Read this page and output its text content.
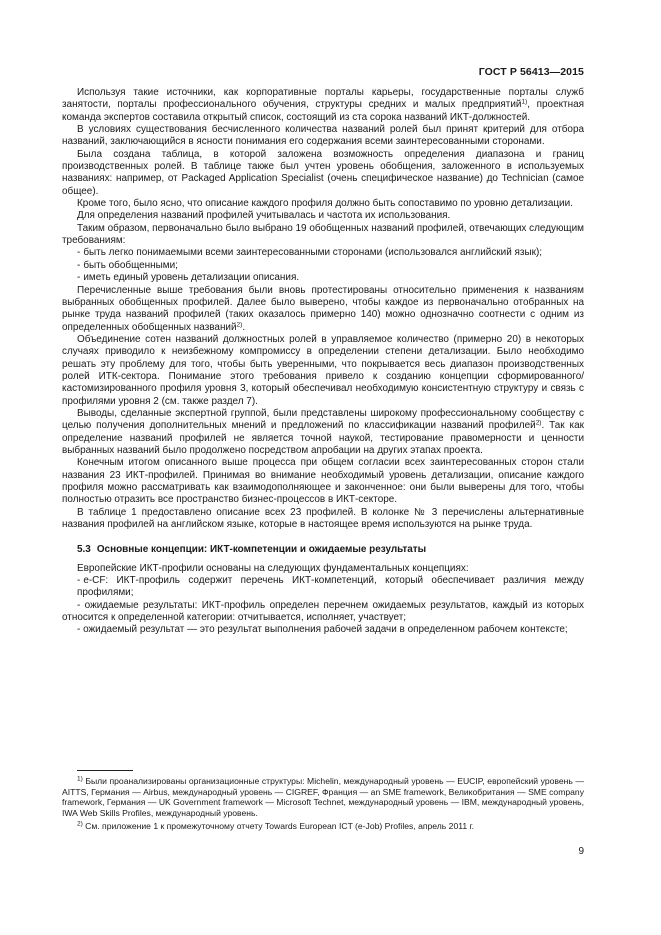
ГОСТ Р 56413—2015

Используя такие источники, как корпоративные порталы карьеры, государственные порталы служб занятости, порталы профессионального обучения, структуры средних и малых предприятий$^{1)}$, проектная команда экспертов составила открытый список, состоящий из ста сорока названий ИКТ-должностей.

В условиях существования бесчисленного количества названий ролей был принят критерий для отбора названий, заключающийся в ясности понимания его содержания всеми заинтересованными сторонами.

Была создана таблица, в которой заложена возможность определения диапазона и границ производственных ролей. В таблице также был учтен уровень обобщения, заложенного в используемых названиях: например, от Packaged Application Specialist (очень специфическое название) до Technician (самое общее).

Кроме того, было ясно, что описание каждого профиля должно быть сопоставимо по уровню детализации.

Для определения названий профилей учитывалась и частота их использования.

Таким образом, первоначально было выбрано 19 обобщенных названий профилей, отвечающих следующим требованиям:

- быть легко понимаемыми всеми заинтересованными сторонами (использовался английский язык);

- быть обобщенными;

- иметь единый уровень детализации описания.

Перечисленные выше требования были вновь протестированы относительно применения к названиям выбранных обобщенных профилей. Далее было выверено, чтобы каждое из первоначально отобранных на рынке труда названий профилей (таких оказалось примерно 140) можно однозначно соотнести с одним из определенных обобщенных названий$^{2)}$.

Объединение сотен названий должностных ролей в управляемое количество (примерно 20) в некоторых случаях приводило к неизбежному компромиссу в определении степени детализации. Было необходимо решать эту проблему для того, чтобы быть уверенными, что покрывается весь диапазон производственных ролей ИТК-сектора. Понимание этого требования привело к созданию концепции сформированного/кастомизированного профиля уровня 3, который обеспечивал необходимую консистентную структуру и связь с профилями уровня 2 (см. также раздел 7).

Выводы, сделанные экспертной группой, были представлены широкому профессиональному сообществу с целью получения дополнительных мнений и предложений по классификации названий профилей$^{2)}$. Так как определение названий профилей не является точной наукой, тестирование правомерности и ценности выбранных названий было продолжено посредством апробации на других этапах проекта.

Конечным итогом описанного выше процесса при общем согласии всех заинтересованных сторон стали названия 23 ИКТ-профилей. Принимая во внимание необходимый уровень детализации, описание каждого профиля можно рассматривать как взаимодополняющее и законченное: они были выверены для того, чтобы полностью отразить все пространство бизнес-процессов в ИКТ-секторе.

В таблице 1 предоставлено описание всех 23 профилей. В колонке № 3 перечислены альтернативные названия профилей на английском языке, которые в настоящее время используются на рынке труда.

5.3 Основные концепции: ИКТ-компетенции и ожидаемые результаты

Европейские ИКТ-профили основаны на следующих фундаментальных концепциях:

- e-CF: ИКТ-профиль содержит перечень ИКТ-компетенций, который обеспечивает различия между профилями;

- ожидаемые результаты: ИКТ-профиль определен перечнем ожидаемых результатов, каждый из которых относится к определенной категории: отчитывается, исполняет, участвует;

- ожидаемый результат — это результат выполнения рабочей задачи в определенном рабочем контексте;

$^{1)}$ Были проанализированы организационные структуры: Michelin, международный уровень — EUCIP, европейский уровень — AITTS, Германия — Airbus, международный уровень — CIGREF, Франция — an SME framework, Великобритания — SME company framework, Германия — UK Government framework — Microsoft Technet, международный уровень — IBM, международный уровень, IWA Web Skills Profiles, международный уровень.

$^{2)}$ См. приложение 1 к промежуточному отчету Towards European ICT (e-Job) Profiles, апрель 2011 г.

9
